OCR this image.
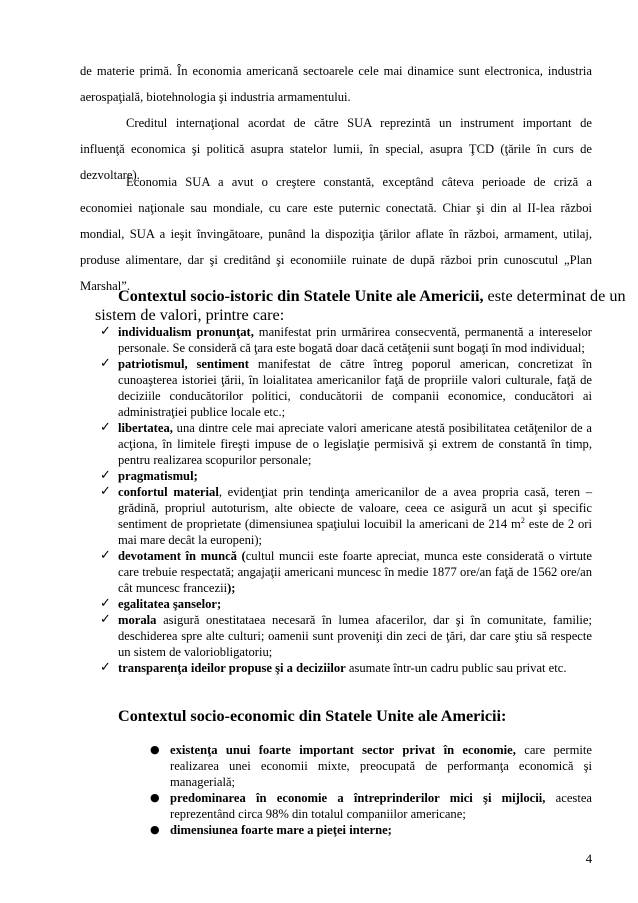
de materie primă. În economia americană sectoarele cele mai dinamice sunt electronica, industria
aerospaţială, biotehnologia şi industria armamentului.
Creditul internaţional acordat de către SUA reprezintă un instrument important de
influenţă economica şi politică asupra statelor lumii, în special, asupra ŢCD (ţările în curs de
dezvoltare).
Economia SUA a avut o creştere constantă, exceptând câteva perioade de criză a
economiei naţionale sau mondiale, cu care este puternic conectată. Chiar şi din al II-lea război
mondial, SUA a ieşit învingătoare, punând la dispoziţia ţărilor aflate în război, armament, utilaj,
produse alimentare, dar şi creditând şi economiile ruinate de după război prin cunoscutul „Plan
Marshal”.
Contextul socio-istoric din Statele Unite ale Americii, este determinat de un
sistem de valori, printre care:
✓ individualism pronunţat, manifestat prin urmărirea consecventă, permanentă a intereselor personale. Se consideră că ţara este bogată doar dacă cetăţenii sunt bogaţi în mod individual;
✓ patriotismul, sentiment manifestat de către întreg poporul american, concretizat în cunoaşterea istoriei ţării, în loialitatea americanilor faţă de propriile valori culturale, faţă de deciziile conducătorilor politici, conducătorii de companii economice, conducători ai administraţiei publice locale etc.;
✓ libertatea, una dintre cele mai apreciate valori americane atestă posibilitatea cetăţenilor de a acţiona, în limitele fireşti impuse de o legislaţie permisivă şi extrem de constantă în timp, pentru realizarea scopurilor personale;
✓ pragmatismul;
✓ confortul material, evidenţiat prin tendinţa americanilor de a avea propria casă, teren – grădină, propriul autoturism, alte obiecte de valoare, ceea ce asigură un acut şi specific sentiment de proprietate (dimensiunea spaţiului locuibil la americani de 214 $m^2$ este de 2 ori mai mare decât la europeni);
✓ devotament în muncă (cultul muncii este foarte apreciat, munca este considerată o virtute care trebuie respectată; angajaţii americani muncesc în medie 1877 ore/an faţă de 1562 ore/an cât muncesc francezii);
✓ egalitatea şanselor;
✓ morala asigură onestitataea necesară în lumea afacerilor, dar şi în comunitate, familie; deschiderea spre alte culturi; oamenii sunt proveniţi din zeci de ţări, dar care ştiu să respecte un sistem de valoriobligatoriu;
✓ transparenţa ideilor propuse şi a deciziilor asumate într-un cadru public sau privat etc.
Contextul socio-economic din Statele Unite ale Americii:
● existenţa unui foarte important sector privat în economie, care permite realizarea unei economii mixte, preocupată de performanţa economică şi managerială;
● predominarea în economie a întreprinderilor mici şi mijlocii, acestea reprezentând circa 98% din totalul companiilor americane;
● dimensiunea foarte mare a pieţei interne;
4
